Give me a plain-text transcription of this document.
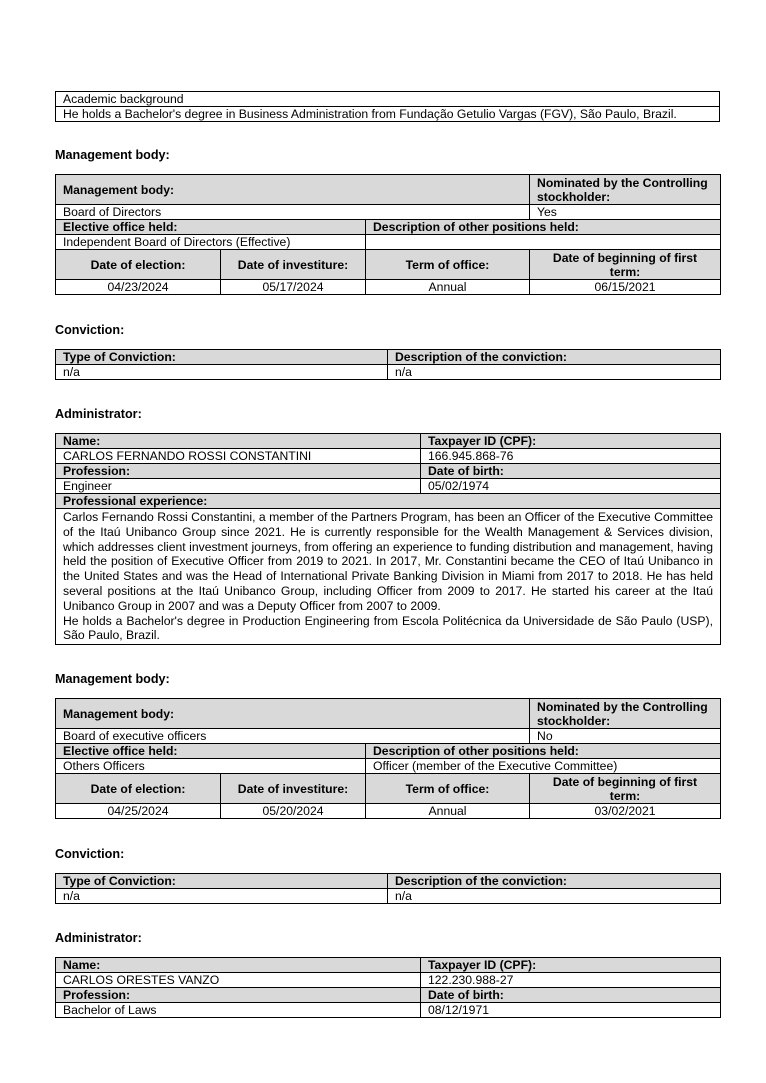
Academic background
He holds a Bachelor's degree in Business Administration from Fundação Getulio Vargas (FGV), São Paulo, Brazil.
Management body:
Management body:			Nominated by the Controlling stockholder:
Board of Directors			Yes
Elective office held:		Description of other positions held:	
Independent Board of Directors (Effective)			
Date of election:	Date of investiture:	Term of office:	Date of beginning of first term:
04/23/2024	05/17/2024	Annual	06/15/2021
Conviction:
Type of Conviction:	Description of the conviction:
n/a	n/a
Administrator:
Name:	Taxpayer ID (CPF):
CARLOS FERNANDO ROSSI CONSTANTINI	166.945.868-76
Profession:	Date of birth:
Engineer	05/02/1974
Professional experience:	

Carlos Fernando Rossi Constantini, a member of the Partners Program, has been an Officer of the Executive Committee of the Itaú Unibanco Group since 2021. He is currently responsible for the Wealth Management & Services division, which addresses client investment journeys, from offering an experience to funding distribution and management, having held the position of Executive Officer from 2019 to 2021. In 2017, Mr. Constantini became the CEO of Itaú Unibanco in the United States and was the Head of International Private Banking Division in Miami from 2017 to 2018. He has held several positions at the Itaú Unibanco Group, including Officer from 2009 to 2017. He started his career at the Itaú Unibanco Group in 2007 and was a Deputy Officer from 2007 to 2009.
He holds a Bachelor's degree in Production Engineering from Escola Politécnica da Universidade de São Paulo (USP), São Paulo, Brazil.	
Management body:
Management body:			Nominated by the Controlling stockholder:
Board of executive officers			No
Elective office held:		Description of other positions held:	
Others Officers		Officer (member of the Executive Committee)	
Date of election:	Date of investiture:	Term of office:	Date of beginning of first term:
04/25/2024	05/20/2024	Annual	03/02/2021
Conviction:
Type of Conviction:	Description of the conviction:
n/a	n/a
Administrator:
Name:	Taxpayer ID (CPF):
CARLOS ORESTES VANZO	122.230.988-27
Profession:	Date of birth:
Bachelor of Laws	08/12/1971
